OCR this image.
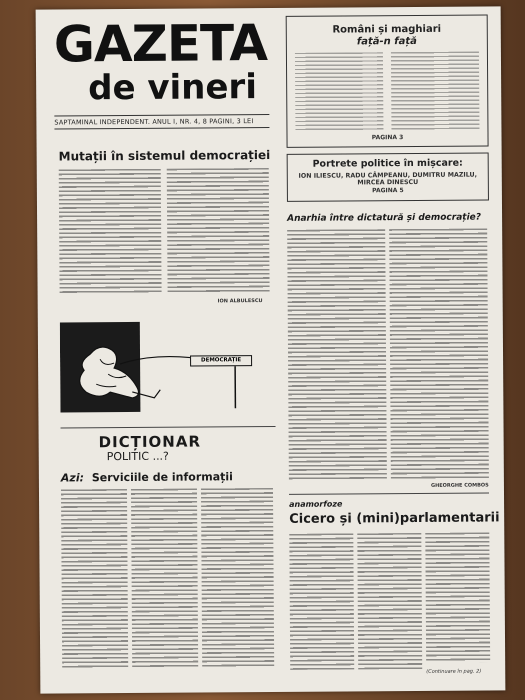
GAZETA
de vineri
SAPTAMINAL INDEPENDENT. ANUL I, NR. 4, 8 PAGINI, 3 LEI
Români și maghiari
față-n față
PAGINA 3
Portrete politice în mișcare:
ION ILIESCU, RADU CÂMPEANU, DUMITRU MAZILU,
MIRCEA DINESCU
PAGINA 5
Mutații în sistemul democrației
ION ALBULESCU
DEMOCRAȚIE
DICȚIONAR
POLITIC ...?
Azi: Serviciile de informații
Anarhia între dictatură și democrație?
GHEORGHE COMBOS
anamorfoze
Cicero și (mini)parlamentarii
(Continuare în pag. 2)
